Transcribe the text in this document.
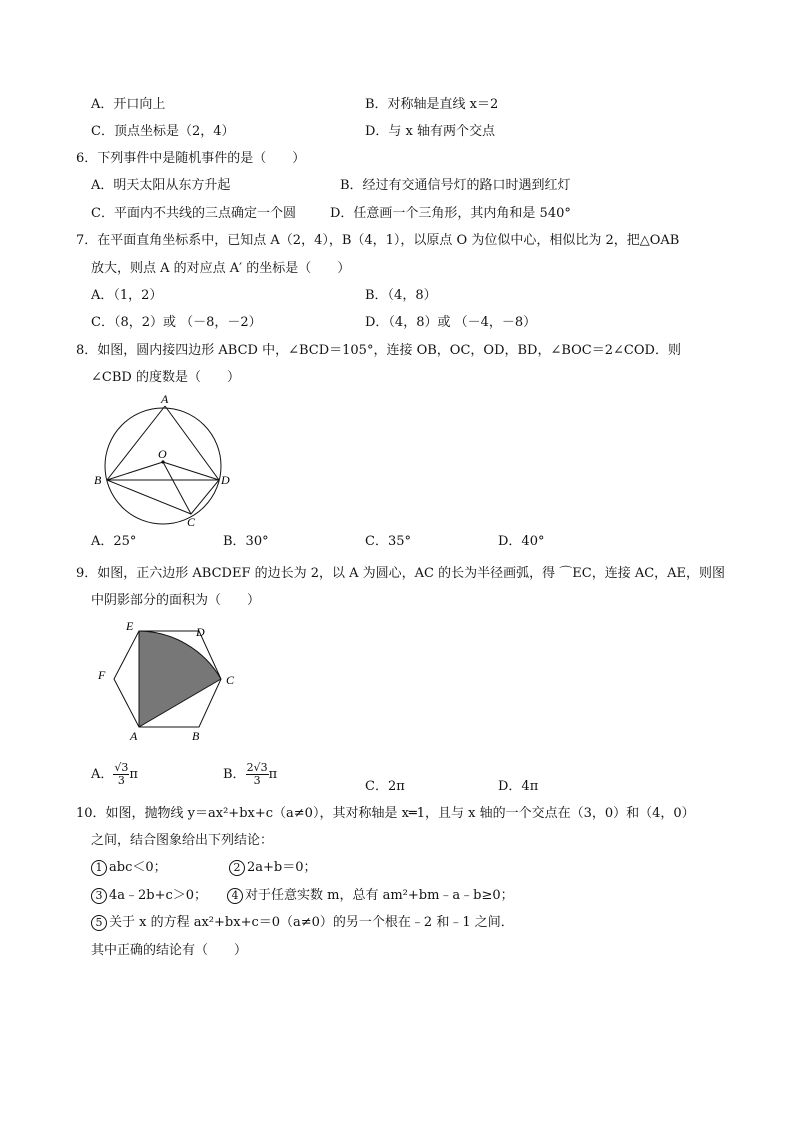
A．开口向上	B．对称轴是直线 x＝2
C．顶点坐标是（2，4）	D．与 x 轴有两个交点
6．下列事件中是随机事件的是（　　）
A．明天太阳从东方升起	B．经过有交通信号灯的路口时遇到红灯
C．平面内不共线的三点确定一个圆	D．任意画一个三角形，其内角和是 540°
7．在平面直角坐标系中，已知点 A（2，4），B（4，1），以原点 O 为位似中心，相似比为 2，把△OAB
放大，则点 A 的对应点 A′ 的坐标是（　　）
A．（1，2）	B．（4，8）
C．（8，2）或 （－8，－2）	D．（4，8）或 （－4，－8）
8．如图，圆内接四边形 ABCD 中，∠BCD＝105°，连接 OB，OC，OD，BD，∠BOC＝2∠COD．则
∠CBD 的度数是（　　）
A
O
B	D
C
A．25°	B．30°	C．35°	D．40°
9．如图，正六边形 ABCDEF 的边长为 2，以 A 为圆心，AC 的长为半径画弧，得 ⌒EC，连接 AC，AE，则图
中阴影部分的面积为（　　）
E	D
F	C
A	B
A． $\frac{√3}{3}$ π	B． $\frac{2√3}{3}$ π
C．2π	D．4π
10．如图，抛物线 y＝ax²+bx+c（a≠0），其对称轴是 x═1，且与 x 轴的一个交点在（3，0）和（4，0）
之间，结合图象给出下列结论：
1 abc＜0；	2 2a+b＝0；
3 4a﹣2b+c＞0；	4 对于任意实数 m，总有 am²+bm﹣a﹣b≥0；
5 关于 x 的方程 ax²+bx+c＝0（a≠0）的另一个根在﹣2 和﹣1 之间．
其中正确的结论有（　　）
